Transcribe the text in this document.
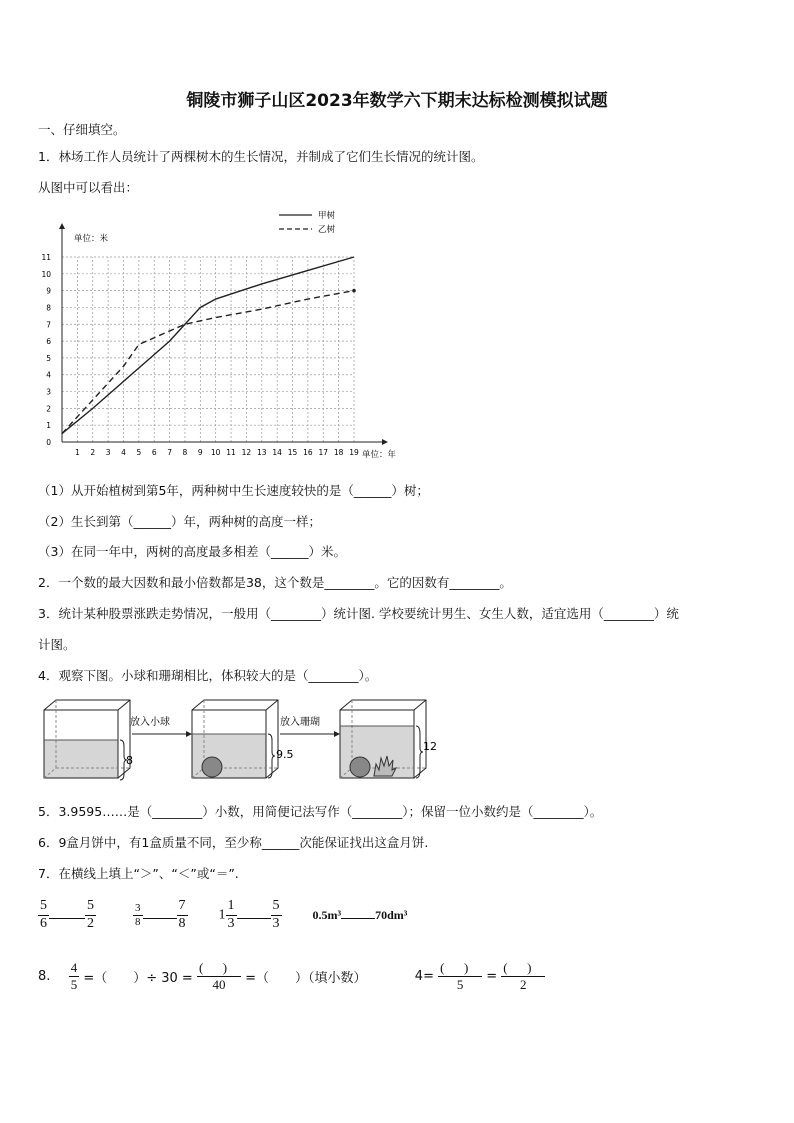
铜陵市狮子山区2023年数学六下期末达标检测模拟试题
一、仔细填空。
1．林场工作人员统计了两棵树木的生长情况，并制成了它们生长情况的统计图。
从图中可以看出：
1 2 3 4 5 6 7 8 9 10 11 12 13 14 15 16 17 18 19
0
1
2
3
4
5
6
7
8
9
10
11
单位：米
单位：年
甲树
乙树
（1）从开始植树到第5年，两种树中生长速度较快的是（______）树；
（2）生长到第（______）年，两种树的高度一样；
（3）在同一年中，两树的高度最多相差（______）米。
2．一个数的最大因数和最小倍数都是38，这个数是________。它的因数有________。
3．统计某种股票涨跌走势情况，一般用（________）统计图. 学校要统计男生、女生人数，适宜选用（________）统
计图。
4．观察下图。小球和珊瑚相比，体积较大的是（________）。
8
放入小球
9.5
放入珊瑚
12
5．3.9595……是（________）小数，用简便记法写作（________）；保留一位小数约是（________）。
6．9盒月饼中，有1盒质量不同，至少称______次能保证找出这盒月饼.
7．在横线上填上“＞”、“＜”或“＝”.
$\frac{5}{6}$	$\frac{5}{2}$
	$\frac{3}{8} \frac{7}{8} 1 \frac{1}{3} \frac{5}{3}$	0.5m³	70dm³
8. $\frac{4}{5}$ =（　　）÷ $30 = \frac{( )}{40}$ =（　　）（填小数）	$4= \frac{( )}{5} = \frac{( )}{2}$
